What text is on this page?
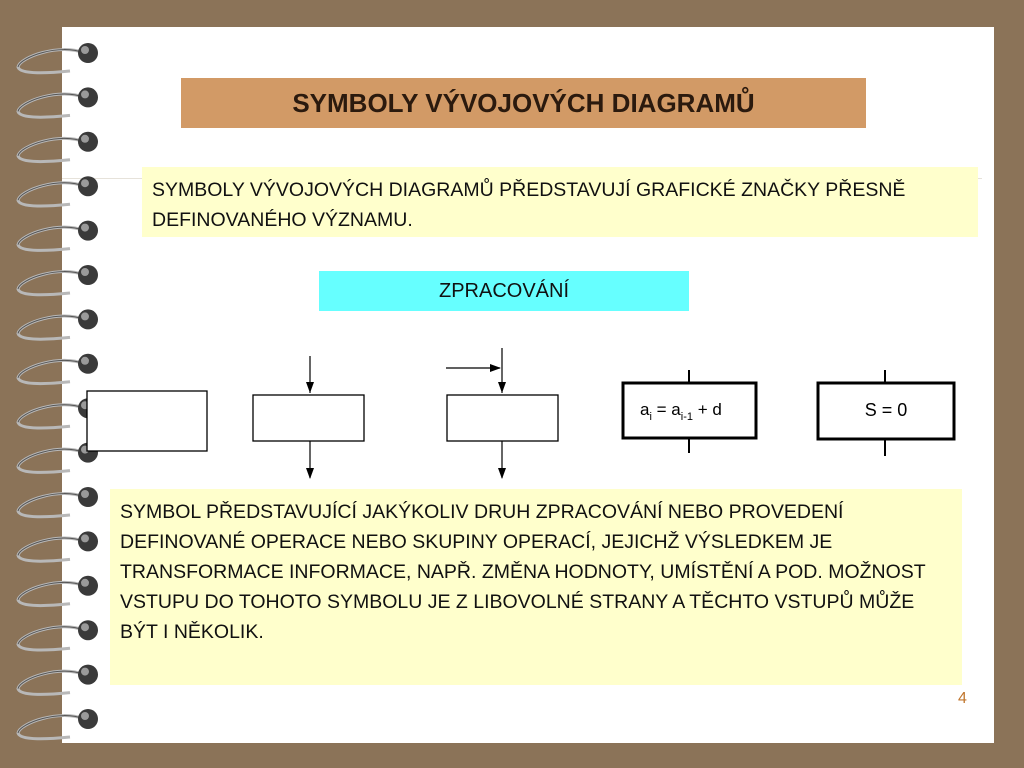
SYMBOLY VÝVOJOVÝCH DIAGRAMŮ
SYMBOLY VÝVOJOVÝCH DIAGRAMŮ PŘEDSTAVUJÍ GRAFICKÉ ZNAČKY PŘESNĚ DEFINOVANÉHO VÝZNAMU.
ZPRACOVÁNÍ
$a_i = a_{i-1} + d$	S = 0
SYMBOL PŘEDSTAVUJÍCÍ JAKÝKOLIV DRUH ZPRACOVÁNÍ NEBO PROVEDENÍ DEFINOVANÉ OPERACE NEBO SKUPINY OPERACÍ, JEJICHŽ VÝSLEDKEM JE TRANSFORMACE INFORMACE, NAPŘ. ZMĚNA HODNOTY, UMÍSTĚNÍ A POD. MOŽNOST VSTUPU DO TOHOTO SYMBOLU JE Z LIBOVOLNÉ STRANY A TĚCHTO VSTUPŮ MŮŽE BÝT I NĚKOLIK.
4
